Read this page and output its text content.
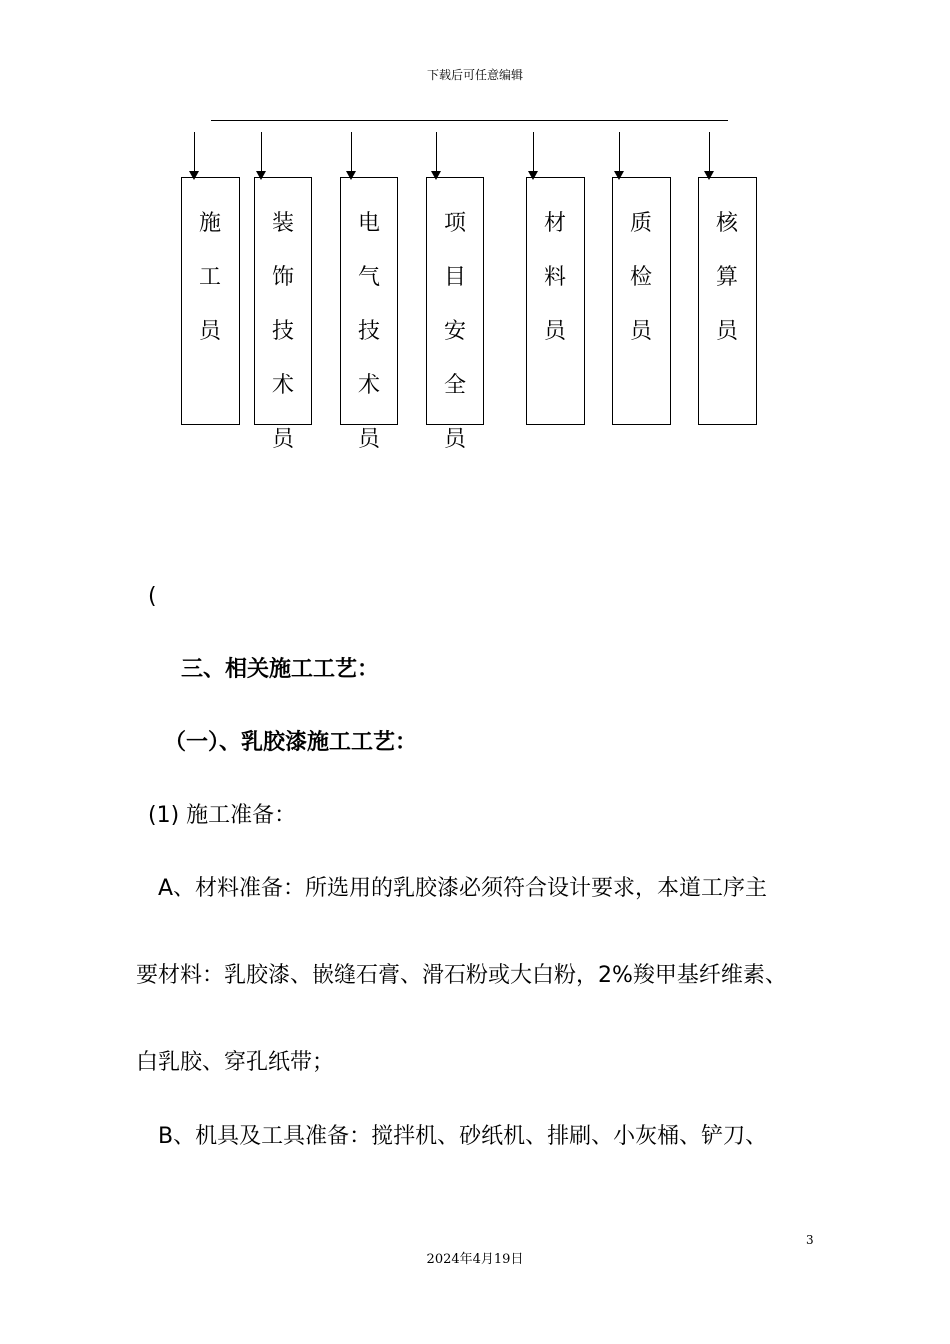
下载后可任意编辑
施
工
员
装
饰
技
术
员
电
气
技
术
员
项
目
安
全
员
材
料
员
质
检
员
核
算
员
(
三、相关施工工艺：
（一）、乳胶漆施工工艺：
(1) 施工准备：
A、材料准备：所选用的乳胶漆必须符合设计要求，本道工序主
要材料：乳胶漆、嵌缝石膏、滑石粉或大白粉，2%羧甲基纤维素、
白乳胶、穿孔纸带；
B、机具及工具准备：搅拌机、砂纸机、排刷、小灰桶、铲刀、
3
2024年4月19日
